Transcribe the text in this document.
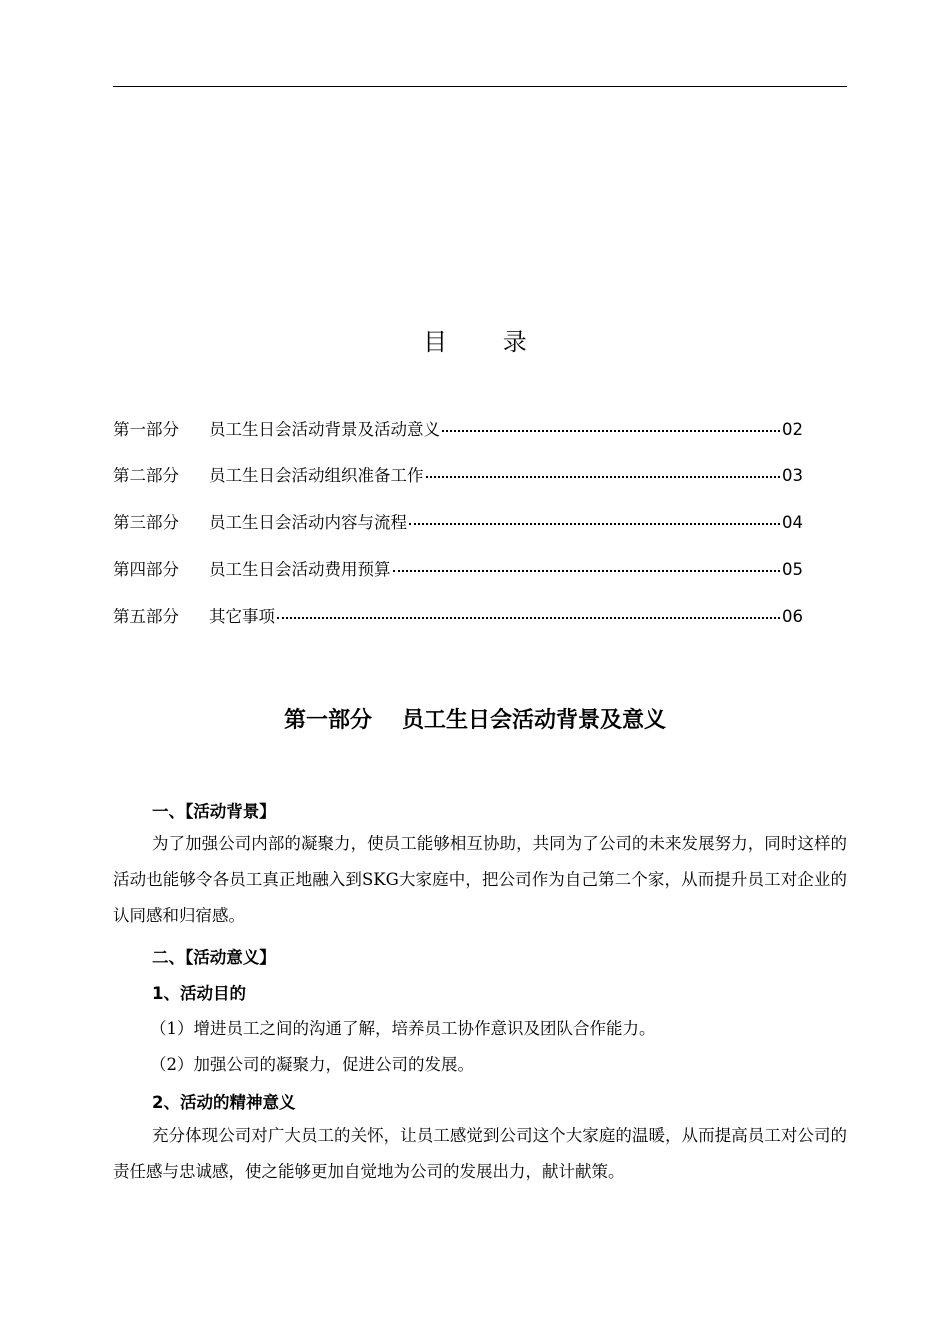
目 录
第一部分	员工生日会活动背景及活动意义	02
第二部分	员工生日会活动组织准备工作	03
第三部分	员工生日会活动内容与流程	04
第四部分	员工生日会活动费用预算	05
第五部分	其它事项	06
第一部分 员工生日会活动背景及意义
一、【活动背景】
为了加强公司内部的凝聚力，使员工能够相互协助，共同为了公司的未来发展努力，同时这样的活动也能够令各员工真正地融入到SKG大家庭中，把公司作为自己第二个家，从而提升员工对企业的认同感和归宿感。
二、【活动意义】
1、活动目的
（1）增进员工之间的沟通了解，培养员工协作意识及团队合作能力。
（2）加强公司的凝聚力，促进公司的发展。
2、活动的精神意义
充分体现公司对广大员工的关怀，让员工感觉到公司这个大家庭的温暖，从而提高员工对公司的责任感与忠诚感，使之能够更加自觉地为公司的发展出力，献计献策。
